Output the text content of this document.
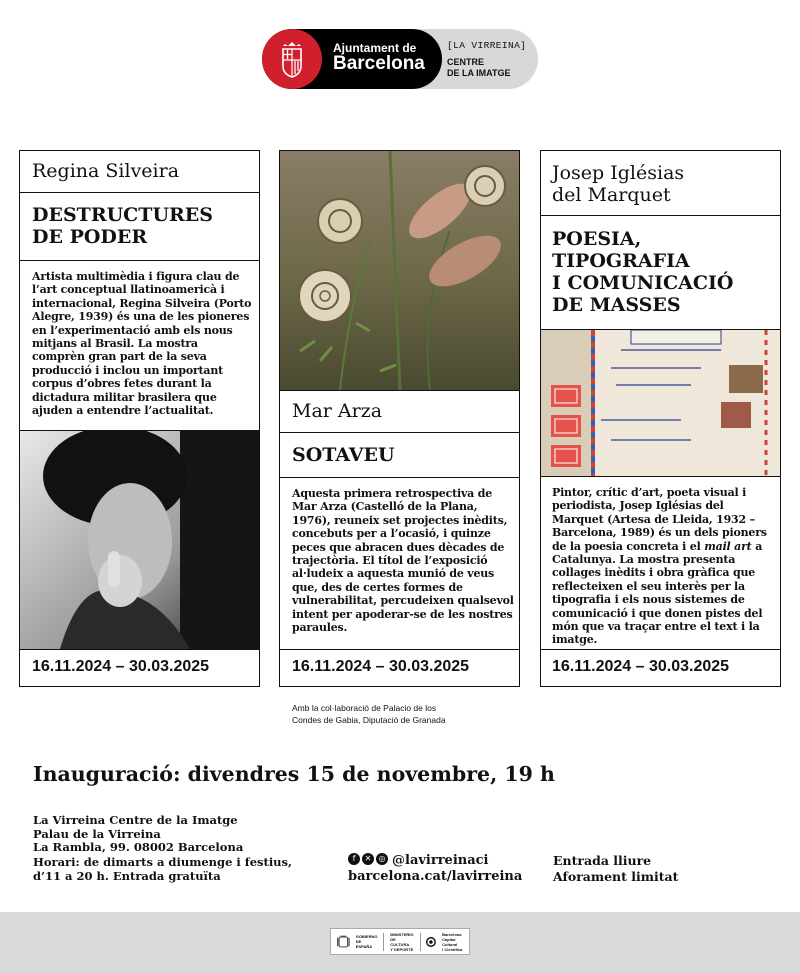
Ajuntament de
Barcelona
[LA VIRREINA]
CENTRE
DE LA IMATGE
Regina Silveira
DESTRUCTURES
DE PODER
Artista multimèdia i figura clau de l’art conceptual llatinoamericà i internacional, Regina Silveira (Porto Alegre, 1939) és una de les pioneres en l’experimentació amb els nous mitjans al Brasil. La mostra comprèn gran part de la seva producció i inclou un important corpus d’obres fetes durant la dictadura militar brasilera que ajuden a entendre l’actualitat.
16.11.2024 – 30.03.2025
Mar Arza
SOTAVEU
Aquesta primera retrospectiva de Mar Arza (Castelló de la Plana, 1976), reuneix set projectes inèdits, concebuts per a l’ocasió, i quinze peces que abracen dues dècades de trajectòria. El títol de l’exposició al·ludeix a aquesta munió de veus que, des de certes formes de vulnerabilitat, percudeixen qualsevol intent per apoderar-se de les nostres paraules.
16.11.2024 – 30.03.2025
Josep Iglésias
del Marquet
POESIA,
TIPOGRAFIA
I COMUNICACIÓ
DE MASSES
Pintor, crític d’art, poeta visual i periodista, Josep Iglésias del Marquet (Artesa de Lleida, 1932 – Barcelona, 1989) és un dels pioners de la poesia concreta i el mail art a Catalunya. La mostra presenta collages inèdits i obra gràfica que reflecteixen el seu interès per la tipografia i els nous sistemes de comunicació i que donen pistes del món que va traçar entre el text i la imatge.
16.11.2024 – 30.03.2025
Amb la col·laboració de Palacio de los
Condes de Gabia, Diputació de Granada
Inauguració: divendres 15 de novembre, 19 h
La Virreina Centre de la Imatge
Palau de la Virreina
La Rambla, 99. 08002 Barcelona
Horari: de dimarts a diumenge i festius,
d’11 a 20 h. Entrada gratuïta
f	✕ ◎ @lavirreinaci
barcelona.cat/lavirreina
Entrada lliure
Aforament limitat
GOBIERNO
DE ESPAÑA
MINISTERIO
DE CULTURA
Y DEPORTE
Barcelona
Capital Cultural
i Científica
